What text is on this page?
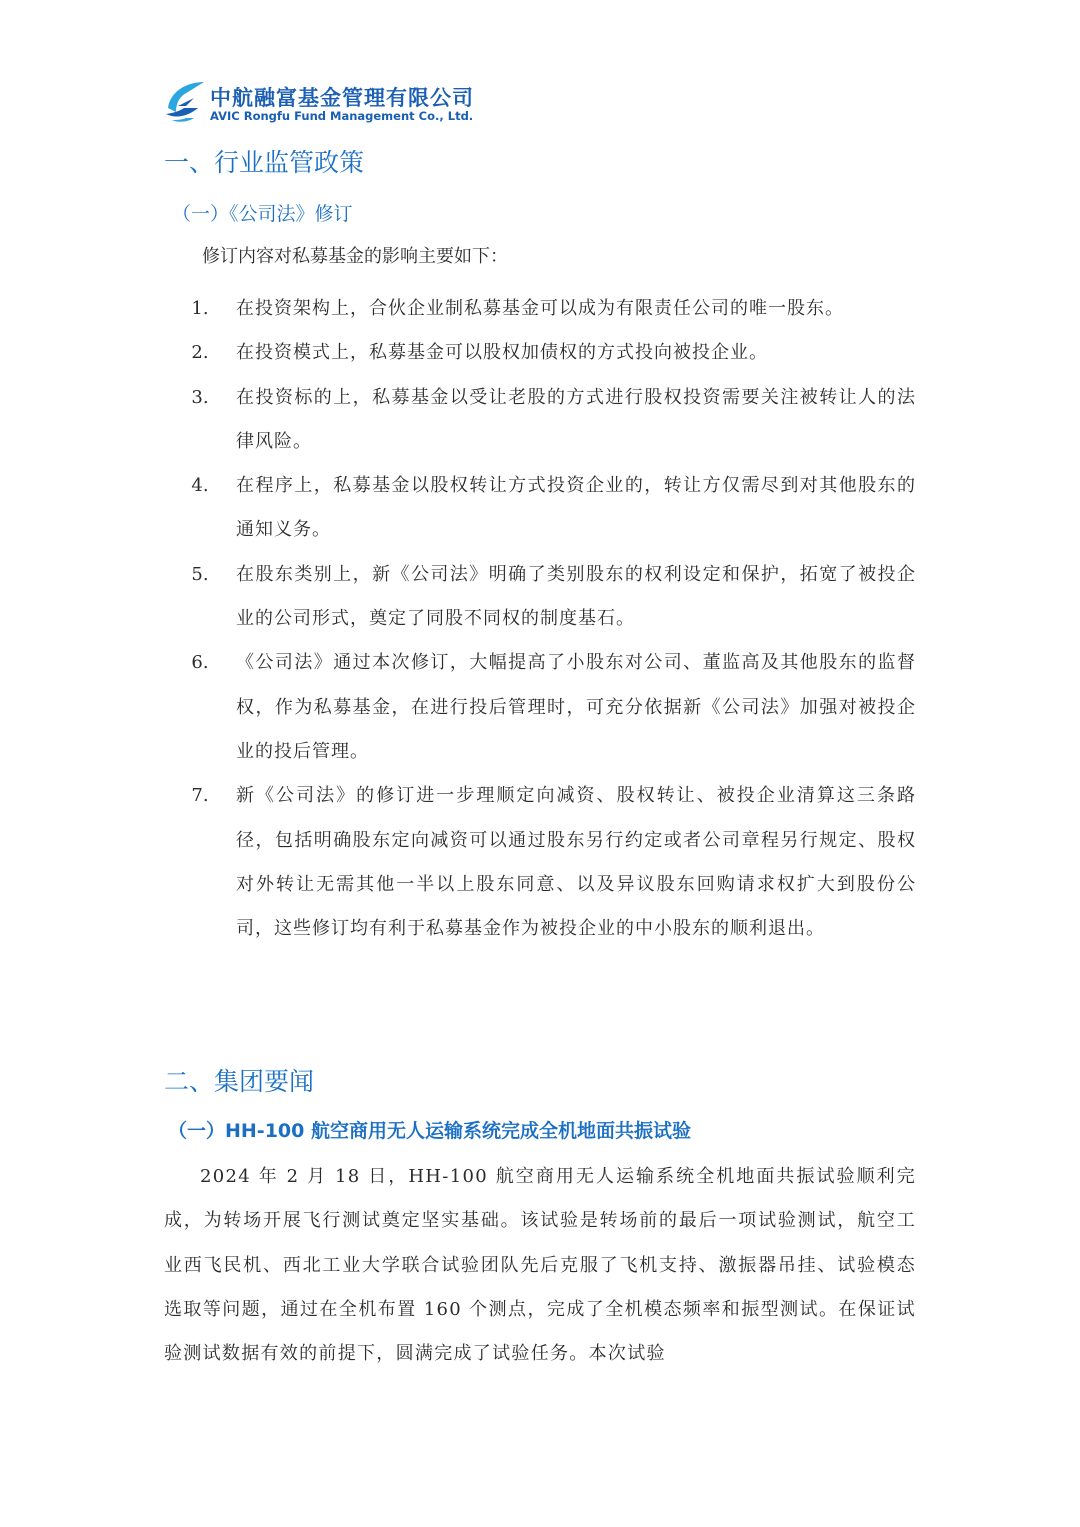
中航融富基金管理有限公司
AVIC Rongfu Fund Management Co., Ltd.
一、行业监管政策
（一）《公司法》修订
修订内容对私募基金的影响主要如下：
1.	在投资架构上，合伙企业制私募基金可以成为有限责任公司的唯一股东。
2.	在投资模式上，私募基金可以股权加债权的方式投向被投企业。
3.	在投资标的上，私募基金以受让老股的方式进行股权投资需要关注被转让人的法律风险。
4.	在程序上，私募基金以股权转让方式投资企业的，转让方仅需尽到对其他股东的通知义务。
5.	在股东类别上，新《公司法》明确了类别股东的权利设定和保护，拓宽了被投企业的公司形式，奠定了同股不同权的制度基石。
6.	《公司法》通过本次修订，大幅提高了小股东对公司、董监高及其他股东的监督权，作为私募基金，在进行投后管理时，可充分依据新《公司法》加强对被投企业的投后管理。
7.	新《公司法》的修订进一步理顺定向减资、股权转让、被投企业清算这三条路径，包括明确股东定向减资可以通过股东另行约定或者公司章程另行规定、股权对外转让无需其他一半以上股东同意、以及异议股东回购请求权扩大到股份公司，这些修订均有利于私募基金作为被投企业的中小股东的顺利退出。
二、集团要闻
（一）HH-100 航空商用无人运输系统完成全机地面共振试验

2024 年 2 月 18 日，HH-100 航空商用无人运输系统全机地面共振试验顺利完成，为转场开展飞行测试奠定坚实基础。该试验是转场前的最后一项试验测试，航空工业西飞民机、西北工业大学联合试验团队先后克服了飞机支持、激振器吊挂、试验模态选取等问题，通过在全机布置 160 个测点，完成了全机模态频率和振型测试。在保证试验测试数据有效的前提下，圆满完成了试验任务。本次试验
